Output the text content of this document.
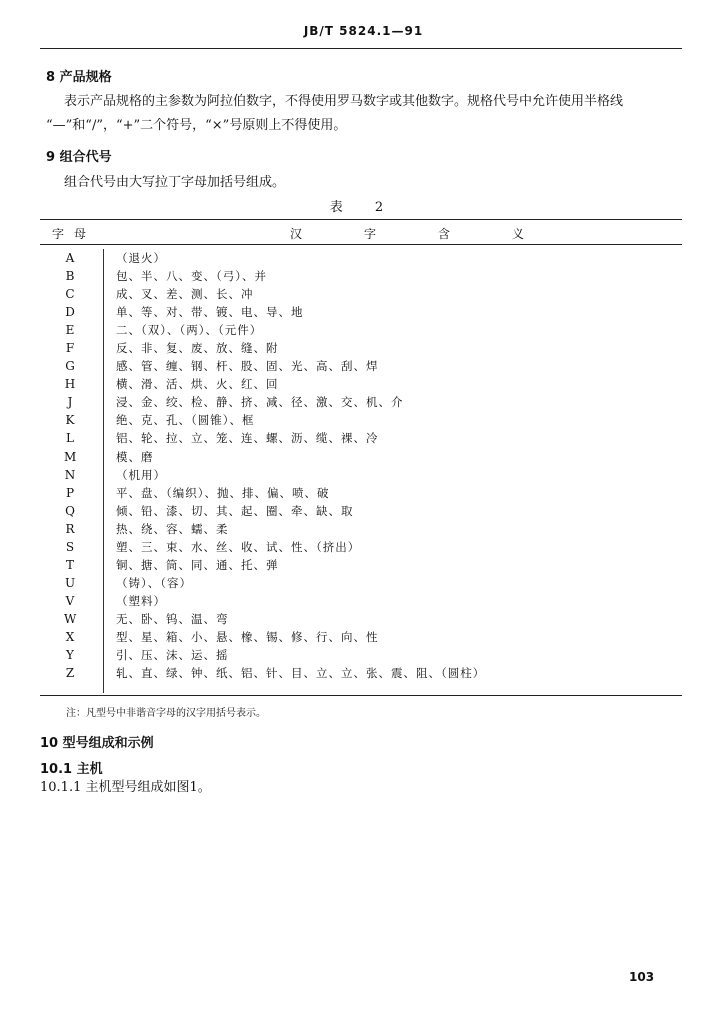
JB/T 5824.1—91
8 产品规格
表示产品规格的主参数为阿拉伯数字，不得使用罗马数字或其他数字。规格代号中允许使用半格线
“—”和“/”，“+”二个符号，“×”号原则上不得使用。
9 组合代号
组合代号由大写拉丁字母加括号组成。
表 2
字母	汉字含义
A	（退火）
B	包、半、八、变、（弓）、并
C	成、叉、差、测、长、冲
D	单、等、对、带、镀、电、导、地
E	二、（双）、（两）、（元件）
F	反、非、复、废、放、缝、附
G	感、管、缠、钢、杆、股、固、光、高、刮、焊
H	横、滑、活、烘、火、红、回
J	浸、金、绞、检、静、挤、减、径、激、交、机、介
K	绝、克、孔、（圆锥）、框
L	铝、轮、拉、立、笼、连、螺、沥、缆、裸、冷
M	模、磨
N	（机用）
P	平、盘、（编织）、抛、排、偏、喷、破
Q	倾、铅、漆、切、其、起、圈、牵、缺、取
R	热、绕、容、蠕、柔
S	塑、三、束、水、丝、收、试、性、（挤出）
T	铜、搪、筒、同、通、托、弹
U	（铸）、（容）
V	（塑料）
W	无、卧、钨、温、弯
X	型、星、箱、小、悬、橡、锡、修、行、向、性
Y	引、压、沫、运、摇
Z	轧、直、绿、钟、纸、铝、针、目、立、立、张、震、阻、（圆柱）
注：凡型号中非谐音字母的汉字用括号表示。
10 型号组成和示例
10.1 主机
10.1.1 主机型号组成如图1。
103
